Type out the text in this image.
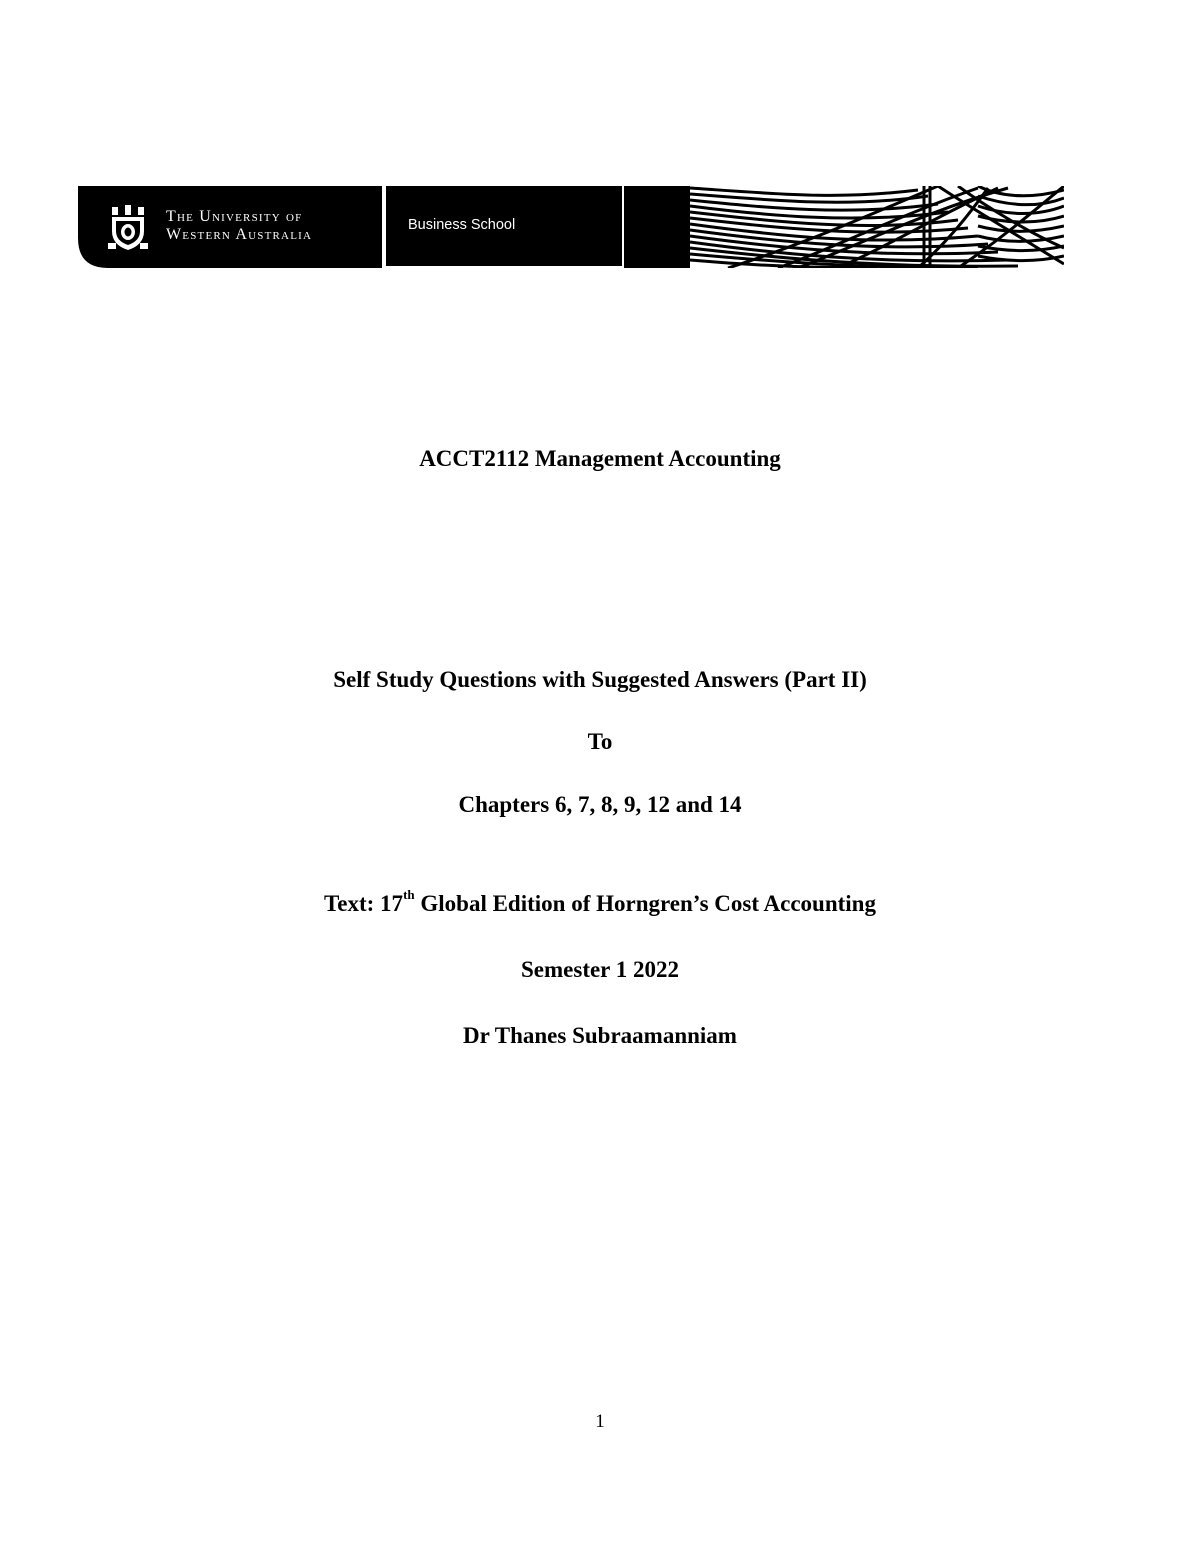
The University of
Western Australia
Business School
ACCT2112 Management Accounting
Self Study Questions with Suggested Answers (Part II)
To
Chapters 6, 7, 8, 9, 12 and 14
Text: 17th Global Edition of Horngren’s Cost Accounting
Semester 1 2022
Dr Thanes Subraamanniam
1
